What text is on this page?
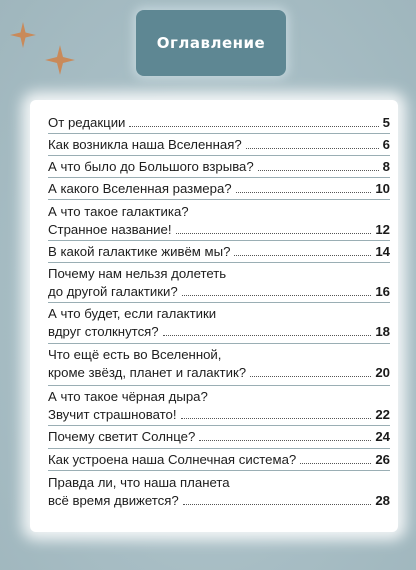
Оглавление
От редакции	5
Как возникла наша Вселенная?	6
А что было до Большого взрыва?	8
А какого Вселенная размера?	10
А что такое галактика?
Странное название!	12
В какой галактике живём мы?	14
Почему нам нельзя долететь
до другой галактики?	16
А что будет, если галактики
вдруг столкнутся?	18
Что ещё есть во Вселенной,
кроме звёзд, планет и галактик?	20
А что такое чёрная дыра?
Звучит страшновато!	22
Почему светит Солнце?	24
Как устроена наша Солнечная система?	26
Правда ли, что наша планета
всё время движется?	28
